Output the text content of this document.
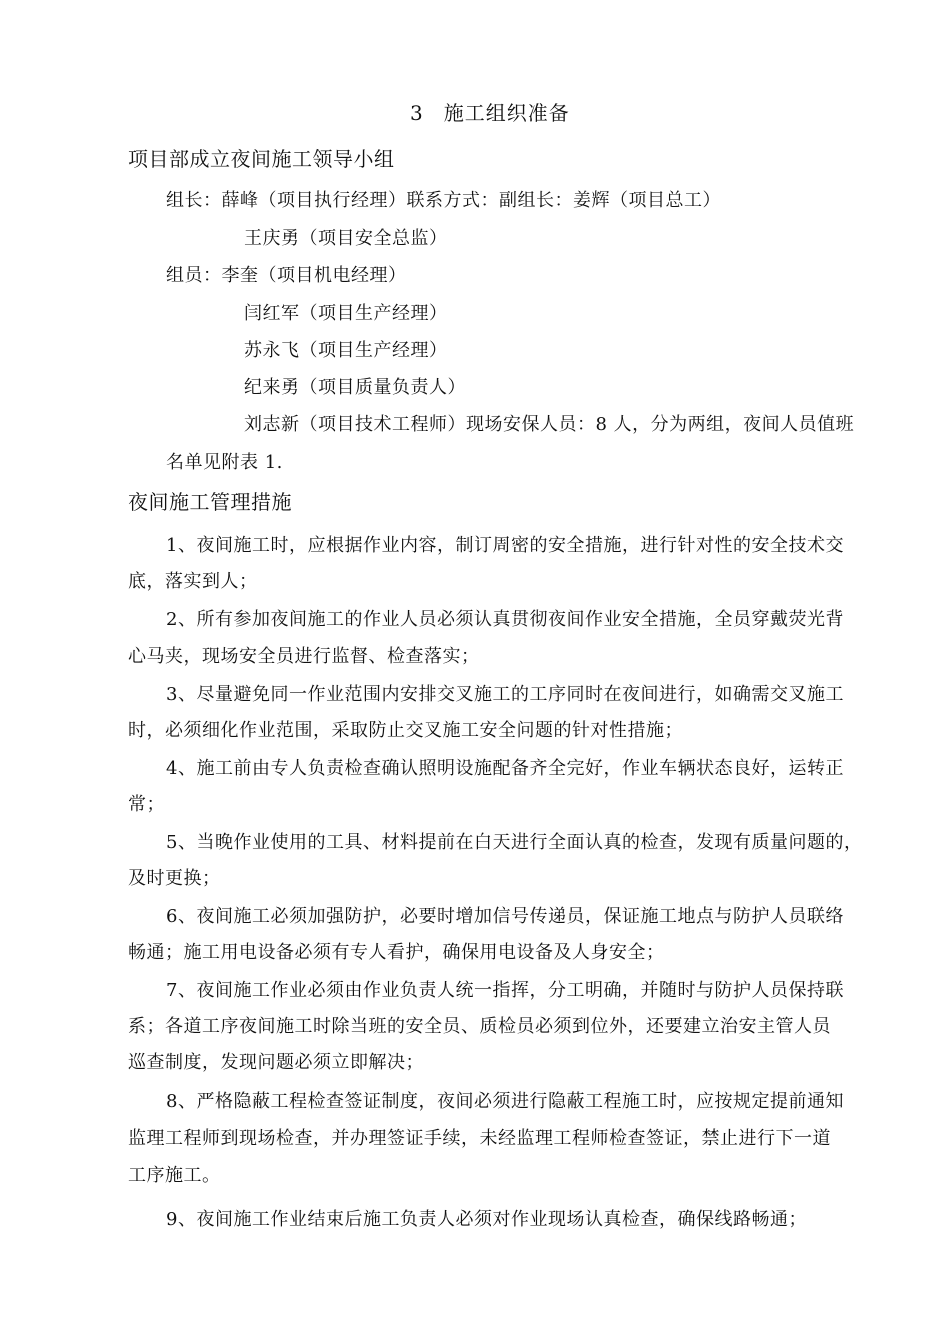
3 施工组织准备
项目部成立夜间施工领导小组
组长：薛峰（项目执行经理）联系方式：副组长：姜辉（项目总工）
王庆勇（项目安全总监）
组员：李奎（项目机电经理）
闫红军（项目生产经理）
苏永飞（项目生产经理）
纪来勇（项目质量负责人）
刘志新（项目技术工程师）现场安保人员：8 人，分为两组，夜间人员值班
名单见附表 1.
夜间施工管理措施
1、夜间施工时，应根据作业内容，制订周密的安全措施，进行针对性的安全技术交
底，落实到人；
2、所有参加夜间施工的作业人员必须认真贯彻夜间作业安全措施，全员穿戴荧光背
心马夹，现场安全员进行监督、检查落实；
3、尽量避免同一作业范围内安排交叉施工的工序同时在夜间进行，如确需交叉施工
时，必须细化作业范围，采取防止交叉施工安全问题的针对性措施；
4、施工前由专人负责检查确认照明设施配备齐全完好，作业车辆状态良好，运转正
常；
5、当晚作业使用的工具、材料提前在白天进行全面认真的检查，发现有质量问题的，
及时更换；
6、夜间施工必须加强防护，必要时增加信号传递员，保证施工地点与防护人员联络
畅通；施工用电设备必须有专人看护，确保用电设备及人身安全；
7、夜间施工作业必须由作业负责人统一指挥，分工明确，并随时与防护人员保持联
系；各道工序夜间施工时除当班的安全员、质检员必须到位外，还要建立治安主管人员
巡查制度，发现问题必须立即解决；
8、严格隐蔽工程检查签证制度，夜间必须进行隐蔽工程施工时，应按规定提前通知
监理工程师到现场检查，并办理签证手续，未经监理工程师检查签证，禁止进行下一道
工序施工。
9、夜间施工作业结束后施工负责人必须对作业现场认真检查，确保线路畅通；
